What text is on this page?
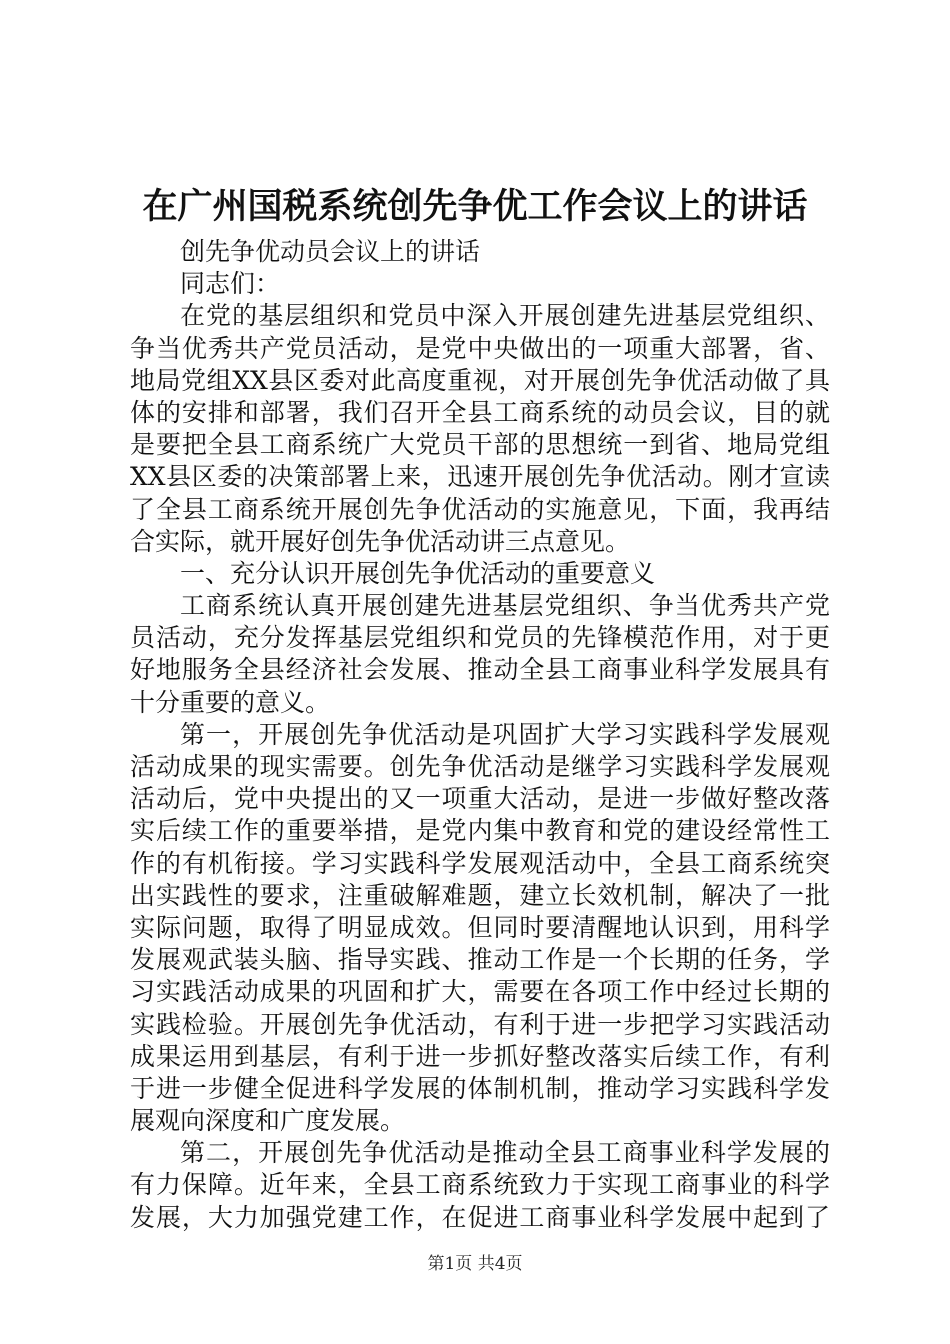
在广州国税系统创先争优工作会议上的讲话
创先争优动员会议上的讲话
同志们：
在党的基层组织和党员中深入开展创建先进基层党组织、
争当优秀共产党员活动，是党中央做出的一项重大部署，省、
地局党组XX县区委对此高度重视，对开展创先争优活动做了具
体的安排和部署，我们召开全县工商系统的动员会议，目的就
是要把全县工商系统广大党员干部的思想统一到省、地局党组
XX县区委的决策部署上来，迅速开展创先争优活动。刚才宣读
了全县工商系统开展创先争优活动的实施意见，下面，我再结
合实际，就开展好创先争优活动讲三点意见。
一、充分认识开展创先争优活动的重要意义
工商系统认真开展创建先进基层党组织、争当优秀共产党
员活动，充分发挥基层党组织和党员的先锋模范作用，对于更
好地服务全县经济社会发展、推动全县工商事业科学发展具有
十分重要的意义。
第一，开展创先争优活动是巩固扩大学习实践科学发展观
活动成果的现实需要。创先争优活动是继学习实践科学发展观
活动后，党中央提出的又一项重大活动，是进一步做好整改落
实后续工作的重要举措，是党内集中教育和党的建设经常性工
作的有机衔接。学习实践科学发展观活动中，全县工商系统突
出实践性的要求，注重破解难题，建立长效机制，解决了一批
实际问题，取得了明显成效。但同时要清醒地认识到，用科学
发展观武装头脑、指导实践、推动工作是一个长期的任务，学
习实践活动成果的巩固和扩大，需要在各项工作中经过长期的
实践检验。开展创先争优活动，有利于进一步把学习实践活动
成果运用到基层，有利于进一步抓好整改落实后续工作，有利
于进一步健全促进科学发展的体制机制，推动学习实践科学发
展观向深度和广度发展。
第二，开展创先争优活动是推动全县工商事业科学发展的
有力保障。近年来，全县工商系统致力于实现工商事业的科学
发展，大力加强党建工作，在促进工商事业科学发展中起到了
第1页 共4页
